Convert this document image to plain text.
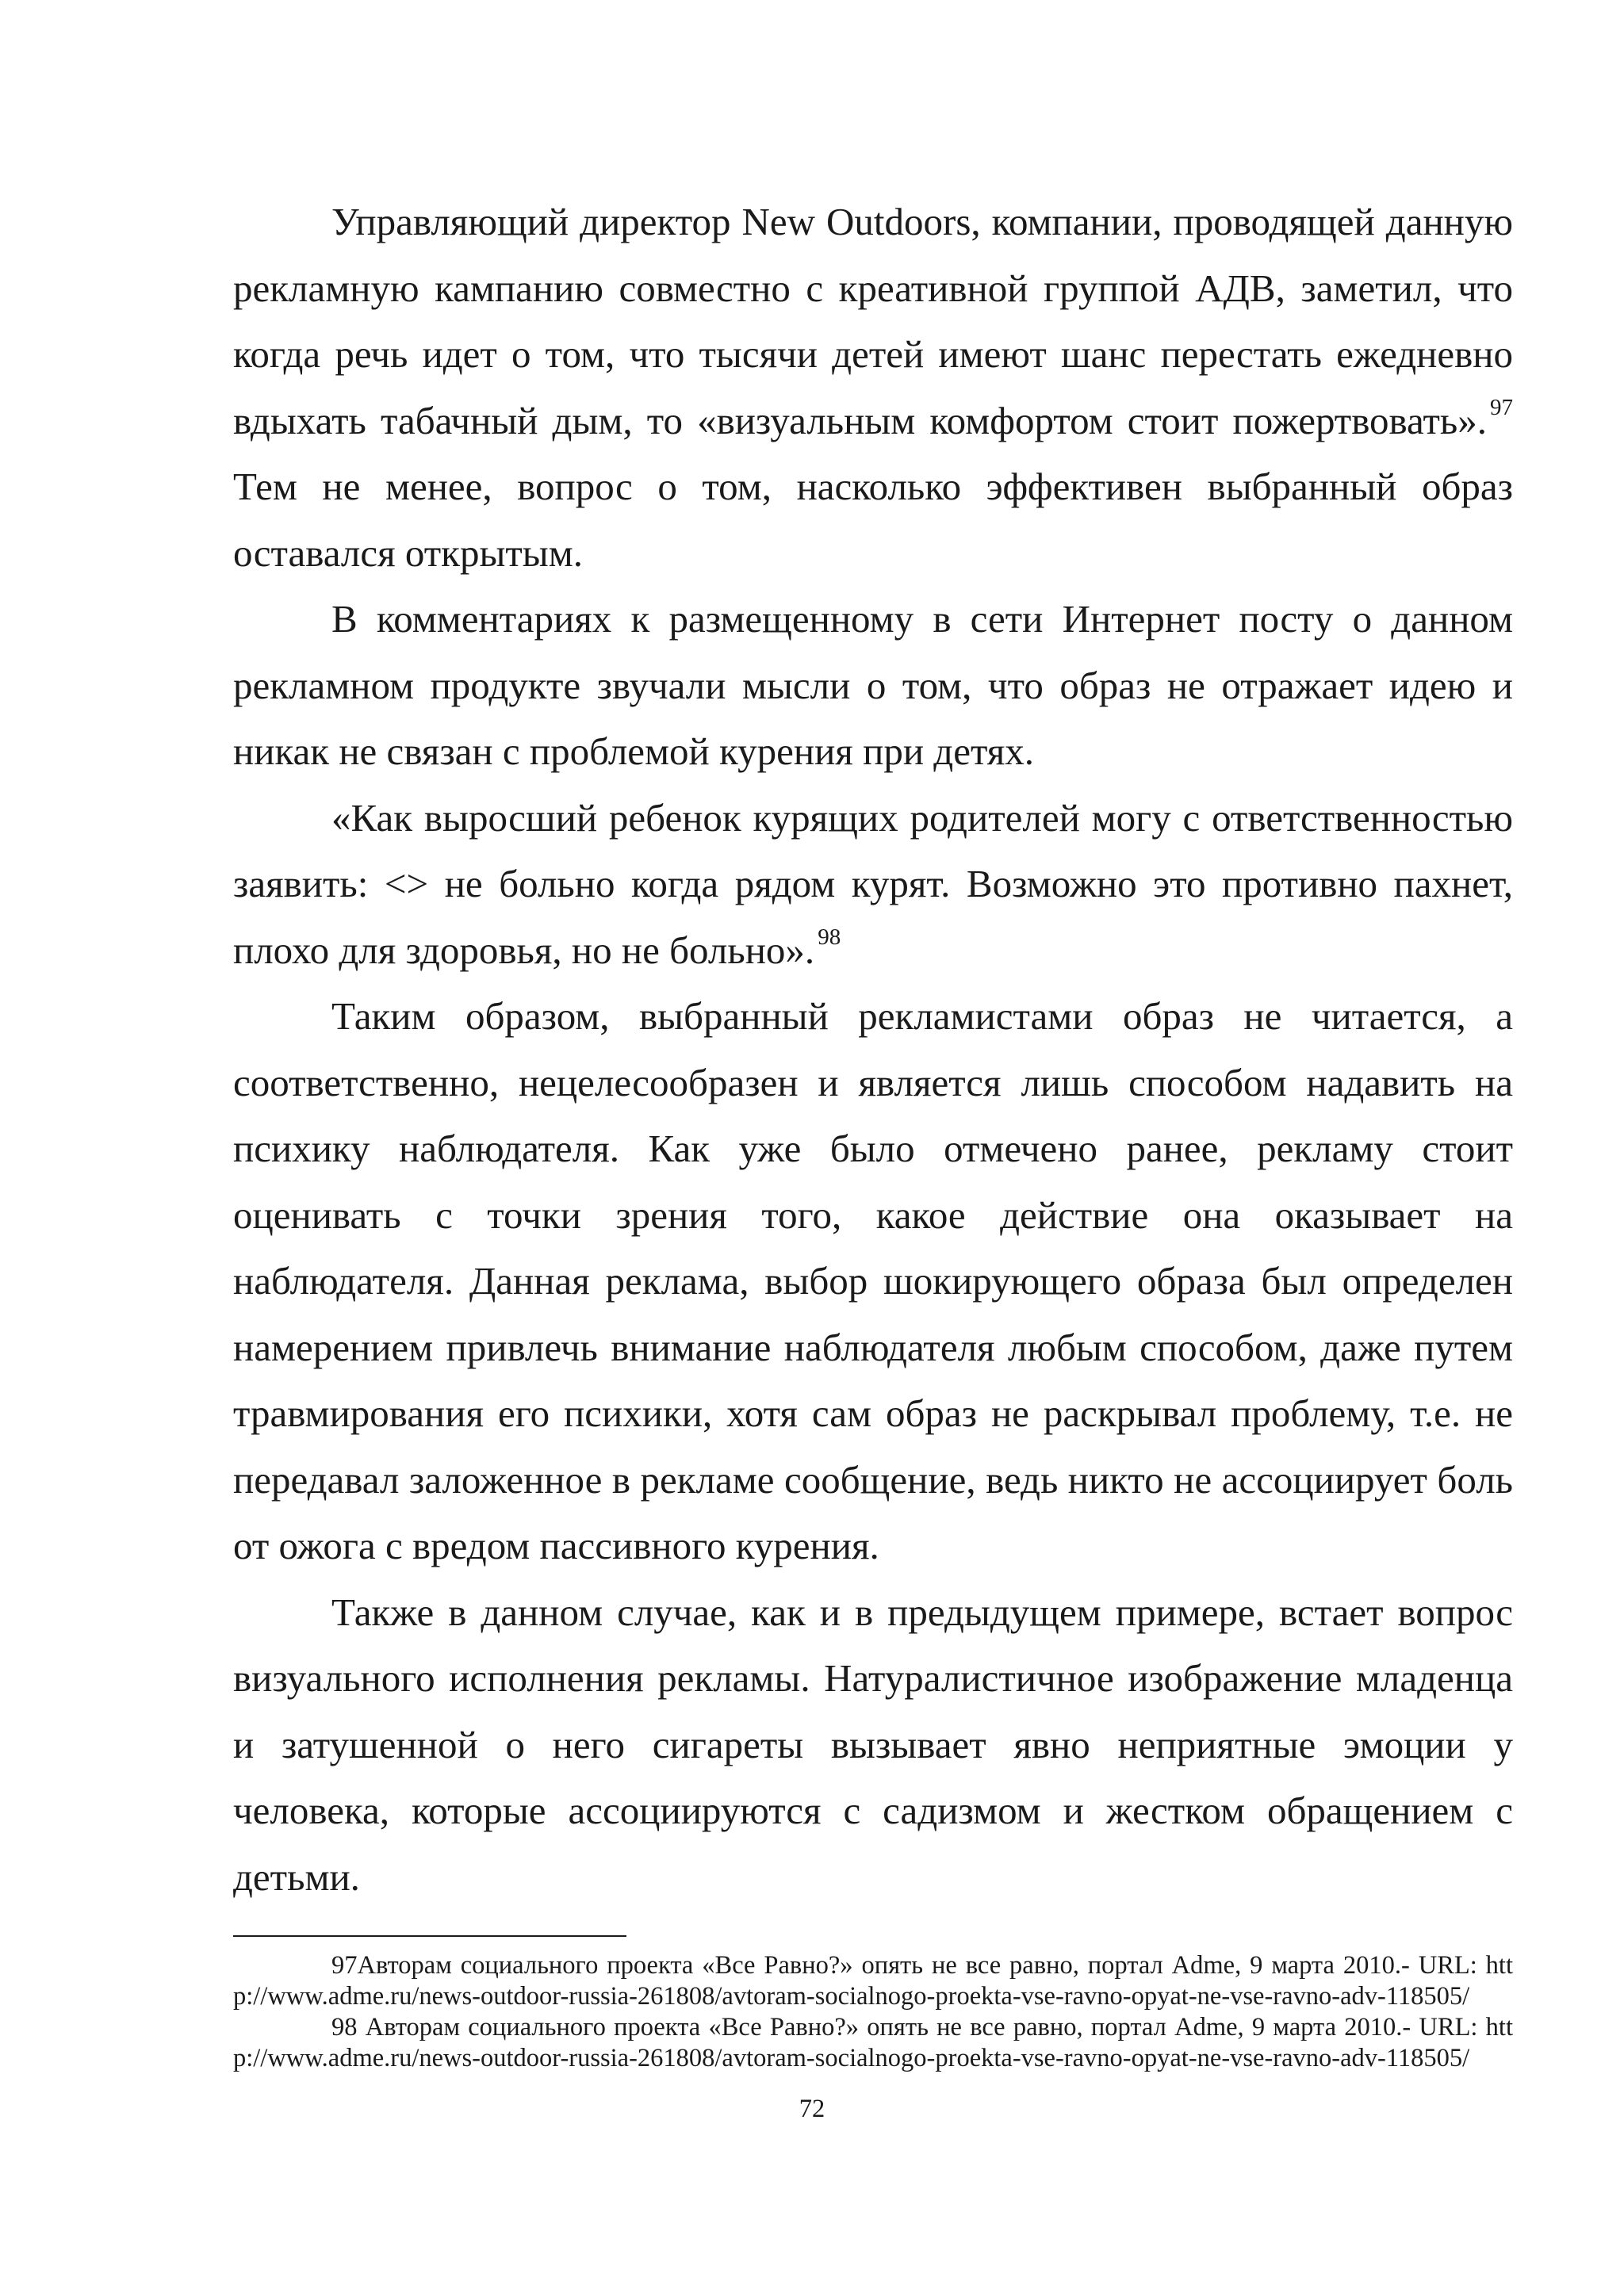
Управляющий директор New Outdoors, компании, проводящей данную рекламную кампанию совместно с креативной группой АДВ, заметил, что когда речь идет о том, что тысячи детей имеют шанс перестать ежедневно вдыхать табачный дым, то «визуальным комфортом стоит пожертвовать». $^{97}$ Тем не менее, вопрос о том, насколько эффективен выбранный образ оставался открытым.

В комментариях к размещенному в сети Интернет посту о данном рекламном продукте звучали мысли о том, что образ не отражает идею и никак не связан с проблемой курения при детях.

«Как выросший ребенок курящих родителей могу с ответственностью заявить: <> не больно когда рядом курят. Возможно это противно пахнет, плохо для здоровья, но не больно». $^{98}$

Таким образом, выбранный рекламистами образ не читается, а соответственно, нецелесообразен и является лишь способом надавить на психику наблюдателя. Как уже было отмечено ранее, рекламу стоит оценивать с точки зрения того, какое действие она оказывает на наблюдателя. Данная реклама, выбор шокирующего образа был определен намерением привлечь внимание наблюдателя любым способом, даже путем травмирования его психики, хотя сам образ не раскрывал проблему, т.е. не передавал заложенное в рекламе сообщение, ведь никто не ассоциирует боль от ожога с вредом пассивного курения.

Также в данном случае, как и в предыдущем примере, встает вопрос визуального исполнения рекламы. Натуралистичное изображение младенца и затушенной о него сигареты вызывает явно неприятные эмоции у человека, которые ассоциируются с садизмом и жестком обращением с детьми.

97Авторам социального проекта «Все Равно?» опять не все равно, портал Adme, 9 марта 2010.- URL: http://www.adme.ru/news-outdoor-russia-261808/avtoram-socialnogo-proekta-vse-ravno-opyat-ne-vse-ravno-adv-118505/

98 Авторам социального проекта «Все Равно?» опять не все равно, портал Adme, 9 марта 2010.- URL: http://www.adme.ru/news-outdoor-russia-261808/avtoram-socialnogo-proekta-vse-ravno-opyat-ne-vse-ravno-adv-118505/

72
